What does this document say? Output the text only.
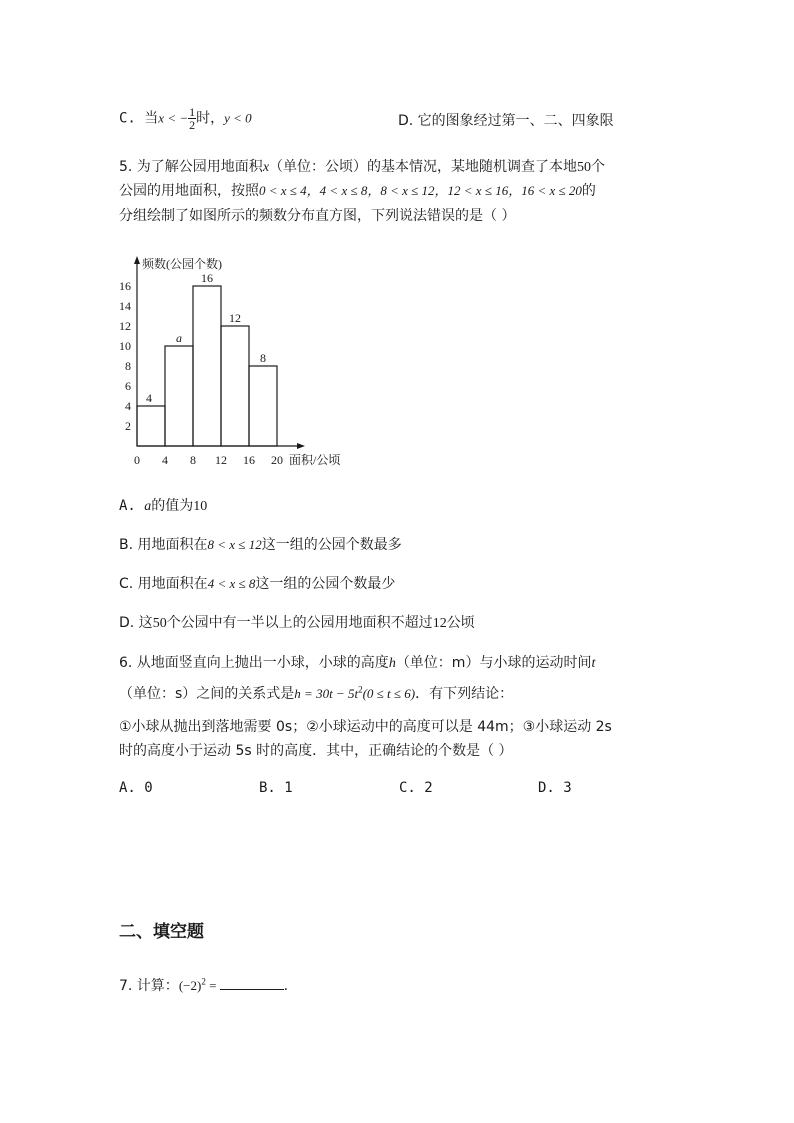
C. 当x < − $\frac{1}{2}$ 时，y < 0	D. 它的图象经过第一、二、四象限
5. 为了解公园用地面积x（单位：公顷）的基本情况，某地随机调查了本地50个
公园的用地面积，按照0 < x ≤ 4，4 < x ≤ 8，8 < x ≤ 12，12 < x ≤ 16，16 < x ≤ 20的
分组绘制了如图所示的频数分布直方图，下列说法错误的是（ ）
频数(公园个数)
面积/公顷
2
4
6
8
10
12
14
16
0 4 8 12 16 20
4
a
16
12
8
A. a的值为10
B. 用地面积在8 < x ≤ 12这一组的公园个数最多
C. 用地面积在4 < x ≤ 8这一组的公园个数最少
D. 这50个公园中有一半以上的公园用地面积不超过12公顷
6. 从地面竖直向上抛出一小球，小球的高度h（单位：m）与小球的运动时间t
（单位：s）之间的关系式是$h = 30t - 5t^2(0 \le t \le 6)$．有下列结论：
①小球从抛出到落地需要 0s；②小球运动中的高度可以是 44m；③小球运动 2s
时的高度小于运动 5s 时的高度．其中，正确结论的个数是（ ）
A. 0	B. 1	C. 2	D. 3
二、填空题
7. 计算：$(-2)^2$ =	.
